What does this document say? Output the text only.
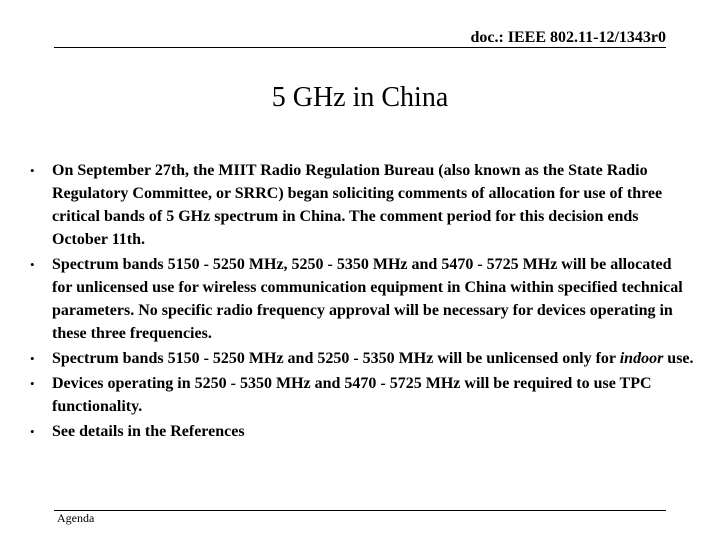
doc.: IEEE 802.11-12/1343r0
5 GHz in China
• On September 27th, the MIIT Radio Regulation Bureau (also known as the State Radio Regulatory Committee, or SRRC) began soliciting comments of allocation for use of three critical bands of 5 GHz spectrum in China. The comment period for this decision ends October 11th.
• Spectrum bands 5150 - 5250 MHz, 5250 - 5350 MHz and 5470 - 5725 MHz will be allocated for unlicensed use for wireless communication equipment in China within specified technical parameters. No specific radio frequency approval will be necessary for devices operating in these three frequencies.
• Spectrum bands 5150 - 5250 MHz and 5250 - 5350 MHz will be unlicensed only for indoor use.
• Devices operating in 5250 - 5350 MHz and 5470 - 5725 MHz will be required to use TPC functionality.
• See details in the References
Agenda
